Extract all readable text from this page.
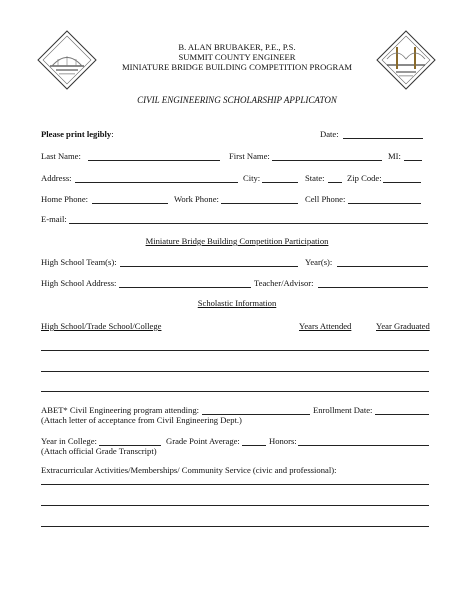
B. ALAN BRUBAKER, P.E., P.S.
SUMMIT COUNTY ENGINEER
MINIATURE BRIDGE BUILDING COMPETITION PROGRAM
CIVIL ENGINEERING SCHOLARSHIP APPLICATON
Please print legibly:	Date:
Last Name:	First Name:	MI:
Address:	City:	State:	Zip Code:
Home Phone:	Work Phone:	Cell Phone:
E-mail:
Miniature Bridge Building Competition Participation
High School Team(s):	Year(s):
High School Address:	Teacher/Advisor:
Scholastic Information
High School/Trade School/College	Years Attended	Year Graduated
ABET* Civil Engineering program attending:	Enrollment Date:
(Attach letter of acceptance from Civil Engineering Dept.)
Year in College:	Grade Point Average:	Honors:
(Attach official Grade Transcript)
Extracurricular Activities/Memberships/ Community Service (civic and professional):
